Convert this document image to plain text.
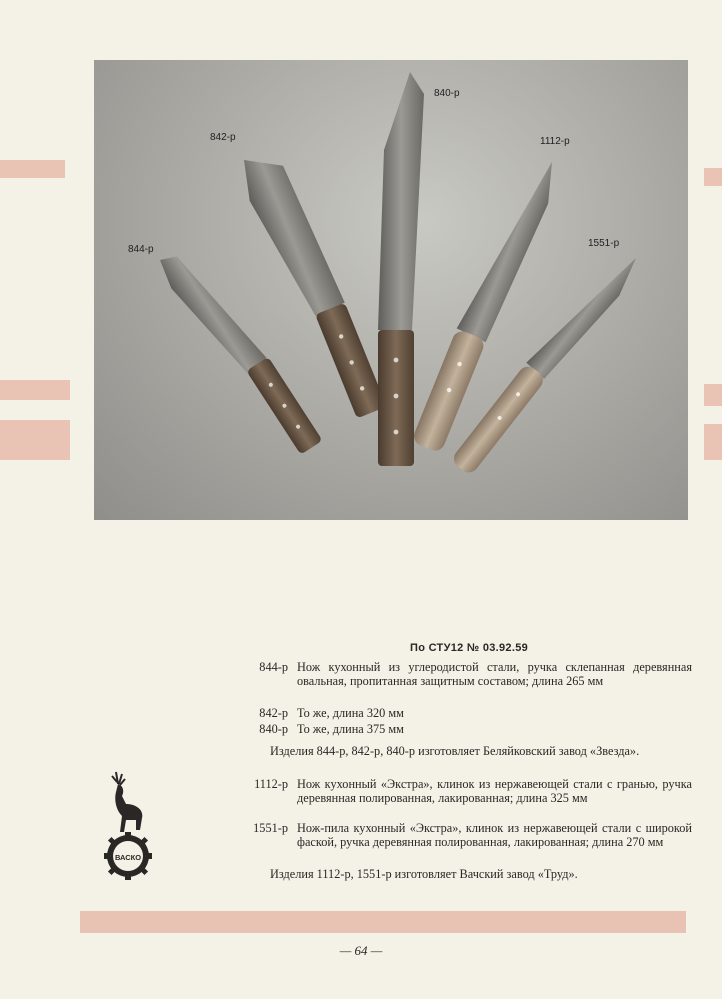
844-р
842-р
840-р
1112-р
1551-р
По СТУ12 № 03.92.59
844-р Нож кухонный из углеродистой стали, ручка склепанная деревянная овальная, пропитанная защитным составом; длина 265 мм
842-р То же, длина 320 мм
840-р То же, длина 375 мм
Изделия 844-р, 842-р, 840-р изготовляет Беляйковский завод «Звезда».
1112-р Нож кухонный «Экстра», клинок из нержавеющей стали с гранью, ручка деревянная полированная, лакированная; длина 325 мм
1551-р Нож-пила кухонный «Экстра», клинок из нержавеющей стали с широкой фаской, ручка деревянная полированная, лакированная; длина 270 мм
Изделия 1112-р, 1551-р изготовляет Вачский завод «Труд».
ВАСКО
— 64 —
